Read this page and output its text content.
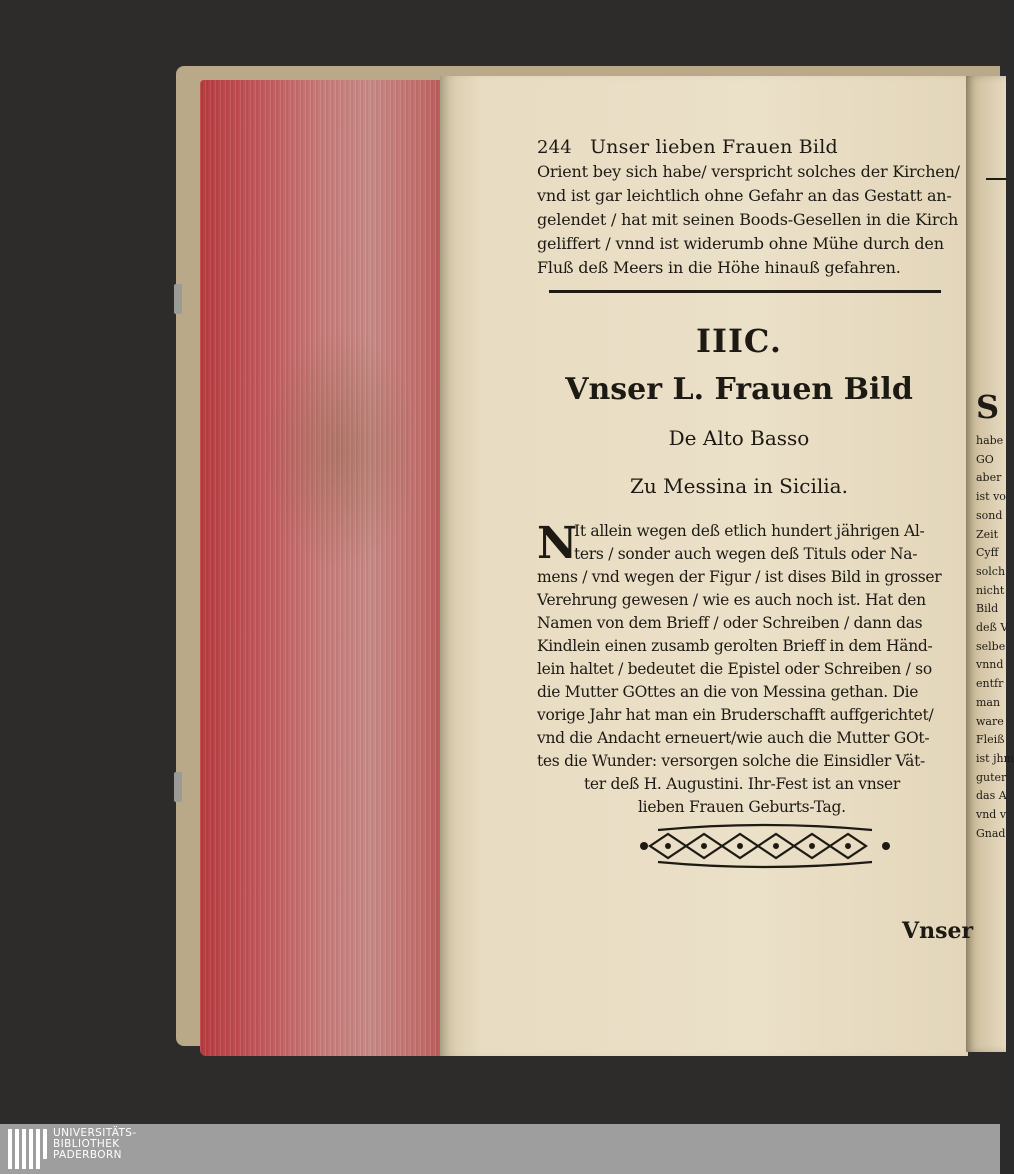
S
habe
GO
aber
ist vo
sond
Zeit
Cyff
solch
nicht
Bild
deß V
selbe
vnnd
entfr
man
ware
Fleiß
ist jhm
guter
das A
vnd v
Gnad
244 Unser lieben Frauen Bild
Orient bey sich habe/ verspricht solches der Kirchen/
vnd ist gar leichtlich ohne Gefahr an das Gestatt an-
gelendet / hat mit seinen Boods-Gesellen in die Kirch
geliffert / vnnd ist widerumb ohne Mühe durch den
Fluß deß Meers in die Höhe hinauß gefahren.
IIIC.
Vnser L. Frauen Bild
De Alto Basso
Zu Messina in Sicilia.
N
It allein wegen deß etlich hundert jährigen Al-
ters / sonder auch wegen deß Tituls oder Na-
mens / vnd wegen der Figur / ist dises Bild in grosser
Verehrung gewesen / wie es auch noch ist. Hat den
Namen von dem Brieff / oder Schreiben / dann das
Kindlein einen zusamb gerolten Brieff in dem Händ-
lein haltet / bedeutet die Epistel oder Schreiben / so
die Mutter GOttes an die von Messina gethan. Die
vorige Jahr hat man ein Bruderschafft auffgerichtet/
vnd die Andacht erneuert/wie auch die Mutter GOt-
tes die Wunder: versorgen solche die Einsidler Vät-
ter deß H. Augustini. Ihr-Fest ist an vnser
lieben Frauen Geburts-Tag.
Vnser
UNIVERSITÄTS-
BIBLIOTHEK
PADERBORN
